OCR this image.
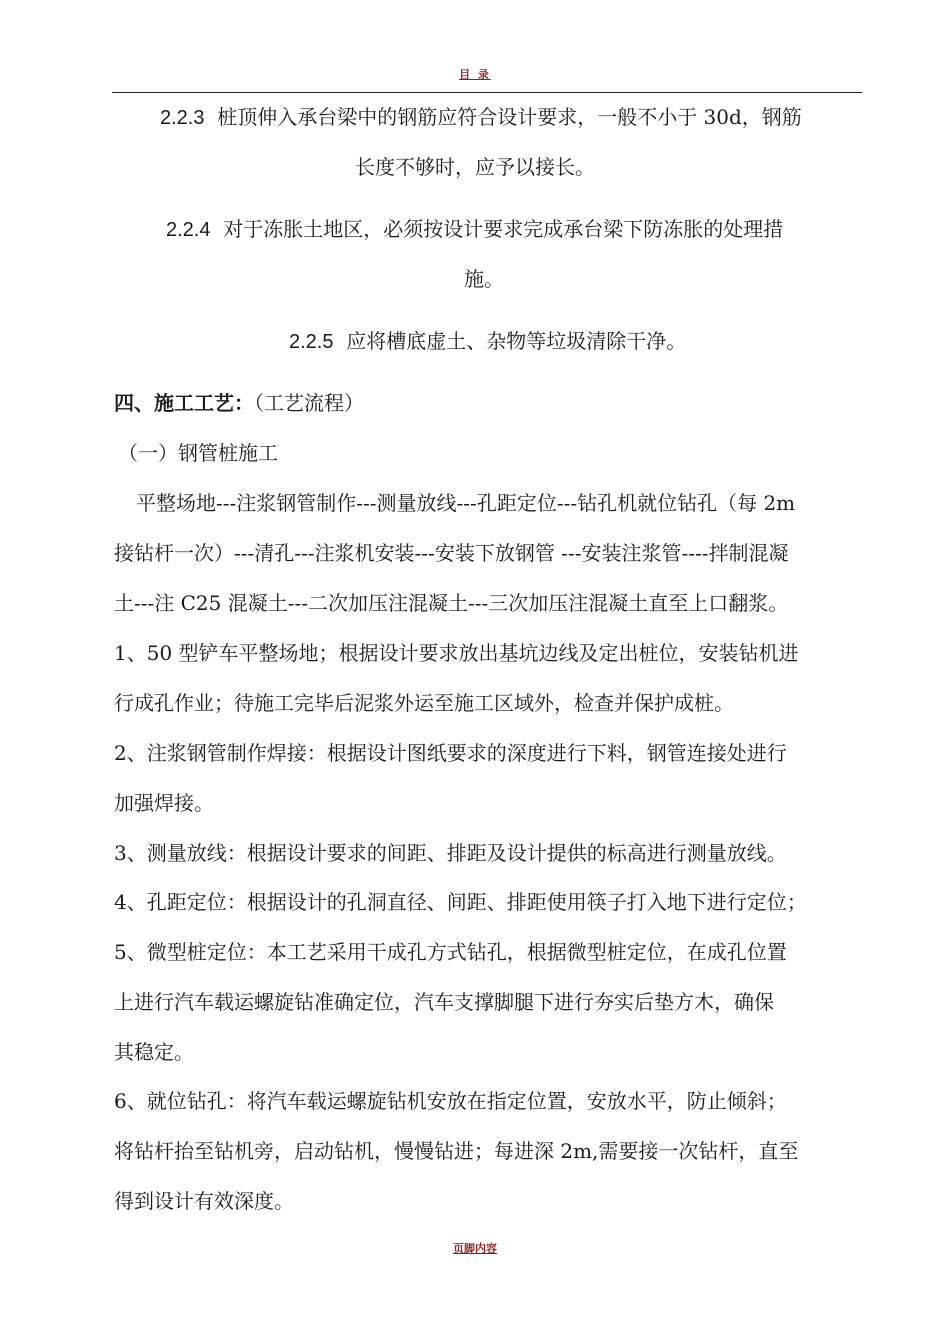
目 录
2.2.3 桩顶伸入承台梁中的钢筋应符合设计要求，一般不小于 30d，钢筋
长度不够时，应予以接长。
2.2.4 对于冻胀土地区，必须按设计要求完成承台梁下防冻胀的处理措
施。
2.2.5 应将槽底虚土、杂物等垃圾清除干净。
四、施工工艺：（工艺流程）
（一）钢管桩施工
平整场地---注浆钢管制作---测量放线---孔距定位---钻孔机就位钻孔（每 2m
接钻杆一次）---清孔---注浆机安装---安装下放钢管 ---安装注浆管----拌制混凝
土---注 C25 混凝土---二次加压注混凝土---三次加压注混凝土直至上口翻浆。
1、50 型铲车平整场地；根据设计要求放出基坑边线及定出桩位，安装钻机进
行成孔作业；待施工完毕后泥浆外运至施工区域外，检查并保护成桩。
2、注浆钢管制作焊接：根据设计图纸要求的深度进行下料，钢管连接处进行
加强焊接。
3、测量放线：根据设计要求的间距、排距及设计提供的标高进行测量放线。
4、孔距定位：根据设计的孔洞直径、间距、排距使用筷子打入地下进行定位；
5、微型桩定位：本工艺采用干成孔方式钻孔，根据微型桩定位，在成孔位置
上进行汽车载运螺旋钻准确定位，汽车支撑脚腿下进行夯实后垫方木，确保
其稳定。
6、就位钻孔：将汽车载运螺旋钻机安放在指定位置，安放水平，防止倾斜；
将钻杆抬至钻机旁，启动钻机，慢慢钻进；每进深 2m,需要接一次钻杆，直至
得到设计有效深度。
页脚内容
